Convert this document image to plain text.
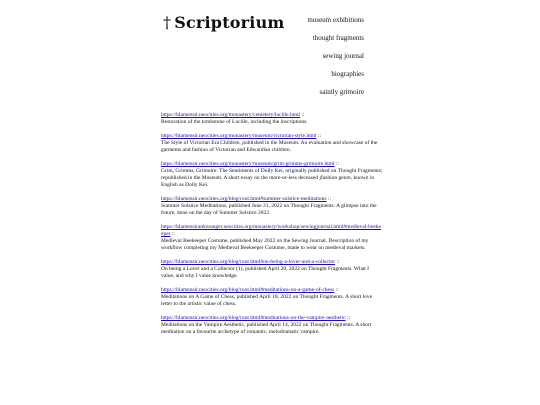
† Scriptorium	museum exhibitions
thought fragments
sewing journal
biographies
saintly grimoire
https://blamensir.neocities.org/monastery/cemetery/lucille.html ::
Restoration of the tombstone of Lucille, including the inscriptions.
https://blamensir.neocities.org/monastery/museum/victorian-style.html ::
The Style of Victorian Era Children, published in the Museum. An evaluation and showcase of the garments and fashion of Victorian and Edwardian children.
https://blamensir.neocities.org/monastery/museum/grim-grimms-grimoire.html ::
Grim, Grimms, Grimoire: The Sentiments of Dolly Kei, originally published on Thought Fragments; republished in the Museum. A short essay on the more-or-less deceased jfashion genre, known in English as Dolly Kei.
https://blamensir.neocities.org/blog/root.html#summer-solstice-meditations ::
Summer Solstice Meditations, published June 21, 2022 on Thought Fragments. A glimpse into the future, done on the day of Summer Solstice 2022.
https://blamensirankmanger.neocities.org/monastery/workshop/sewingjournal.html#medieval-beekeeper ::
Medieval Beekeeper Costume, published May 2022 on the Sewing Journal. Description of my workflow completing my Medieval Beekeeper Costume, made to wear on medieval markets.
https://blamensir.neocities.org/blog/root.html#on-being-a-lover-and-a-collector ::
On being a Lover and a Collector (1), published April 20, 2022 on Thought Fragments. What I value, and why I value knowledge.
https://blamensir.neocities.org/blog/root.html#meditations-on-a-game-of-chess ::
Meditations on A Game of Chess, published April 18, 2022 on Thought Fragments. A short love letter to the artistic value of chess.
https://blamensir.neocities.org/blog/root.html#meditations-on-the-vampire-aesthetic ::
Meditations on the Vampire Aesthetic, published April 14, 2022 on Thought Fragments. A short meditation on a favourite archetype of romantic, melodramatic vampire.
